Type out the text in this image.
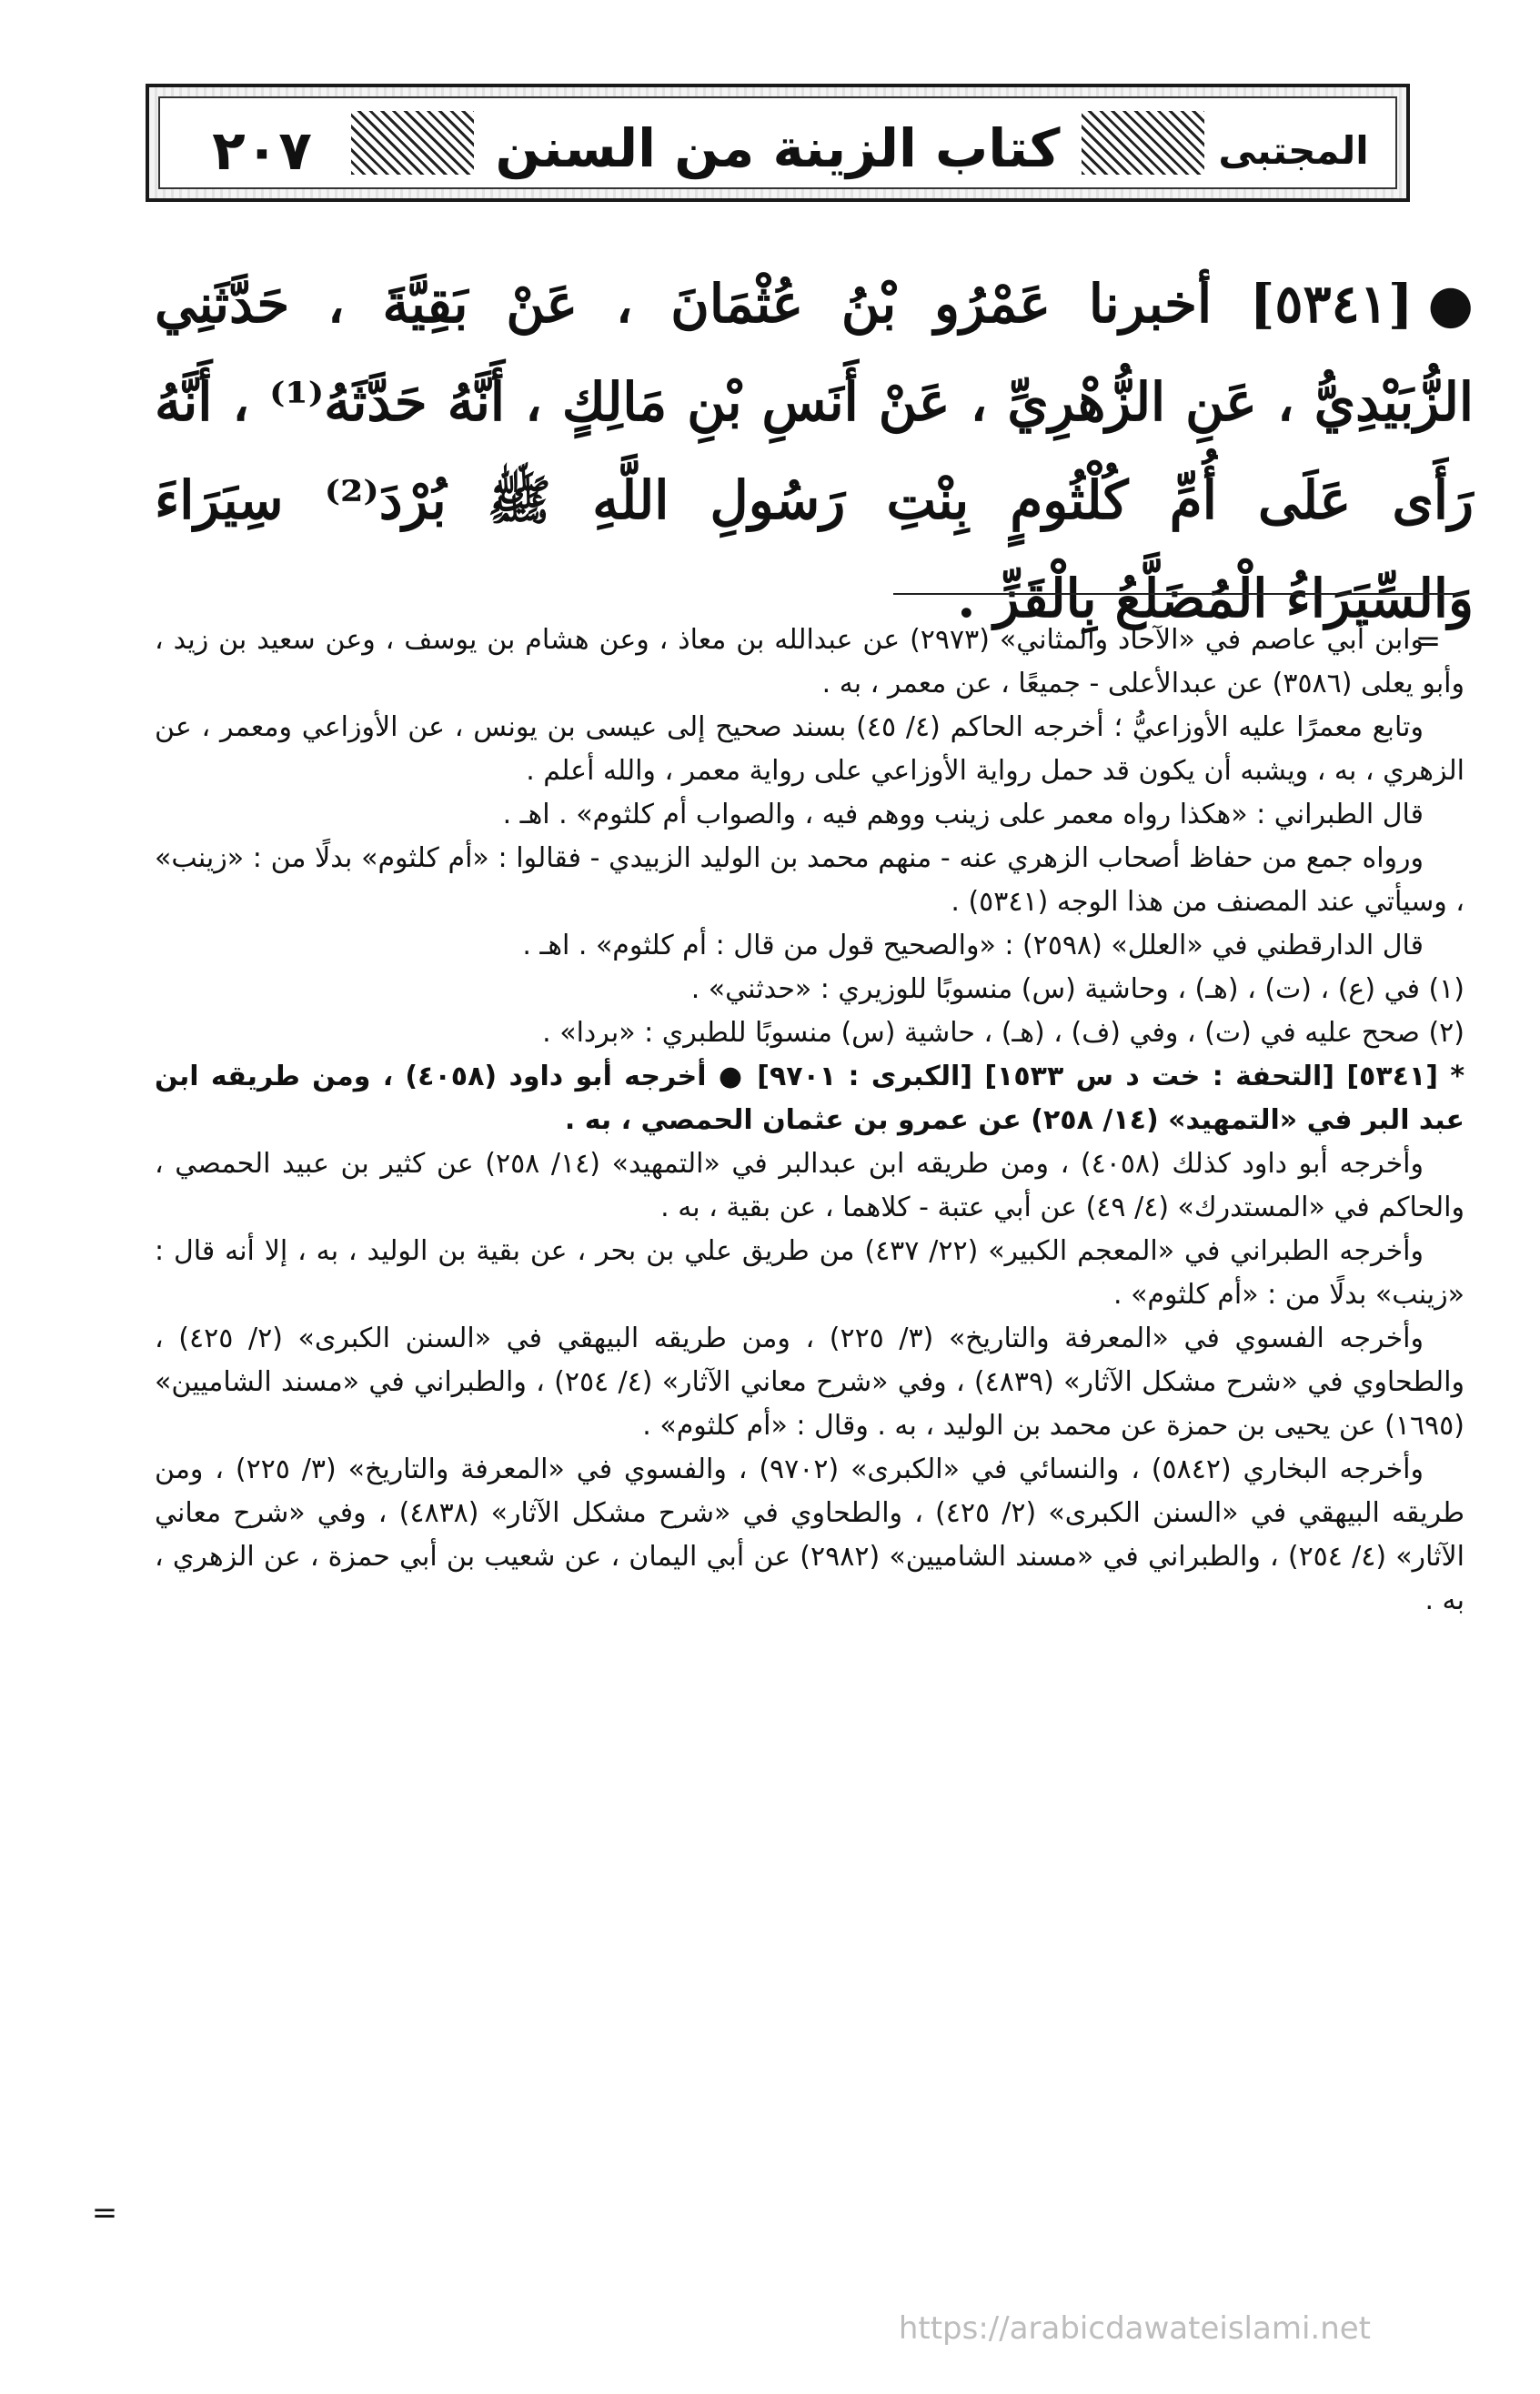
٢٠٧	كتاب الزينة من السنن	المجتبى
●[٥٣٤١] أخبرنا عَمْرُو بْنُ عُثْمَانَ ، عَنْ بَقِيَّةَ ، حَدَّثَنِي الزُّبَيْدِيُّ ، عَنِ الزُّهْرِيِّ ، عَنْ أَنَسِ بْنِ مَالِكٍ ، أَنَّهُ حَدَّثَهُ⁽¹⁾ ، أَنَّهُ رَأَى عَلَى أُمِّ كُلْثُومٍ بِنْتِ رَسُولِ اللَّهِ ﷺ بُرْدَ⁽²⁾ سِيَرَاءَ وَالسِّيَرَاءُ الْمُضَلَّعُ بِالْقَزِّ .
=

وابن أبي عاصم في «الآحاد والمثاني» (٢٩٧٣) عن عبدالله بن معاذ ، وعن هشام بن يوسف ، وعن سعيد بن زيد ، وأبو يعلى (٣٥٨٦) عن عبدالأعلى - جميعًا ، عن معمر ، به .

وتابع معمرًا عليه الأوزاعيُّ ؛ أخرجه الحاكم (٤/ ٤٥) بسند صحيح إلى عيسى بن يونس ، عن الأوزاعي ومعمر ، عن الزهري ، به ، ويشبه أن يكون قد حمل رواية الأوزاعي على رواية معمر ، والله أعلم .

قال الطبراني : «هكذا رواه معمر على زينب ووهم فيه ، والصواب أم كلثوم» . اهـ .

ورواه جمع من حفاظ أصحاب الزهري عنه - منهم محمد بن الوليد الزبيدي - فقالوا : «أم كلثوم» بدلًا من : «زينب» ، وسيأتي عند المصنف من هذا الوجه (٥٣٤١) .

قال الدارقطني في «العلل» (٢٥٩٨) : «والصحيح قول من قال : أم كلثوم» . اهـ .

(١) في (ع) ، (ت) ، (هـ) ، وحاشية (س) منسوبًا للوزيري : «حدثني» .

(٢) صحح عليه في (ت) ، وفي (ف) ، (هـ) ، حاشية (س) منسوبًا للطبري : «بردا» .

* [٥٣٤١] [التحفة : خت د س ١٥٣٣] [الكبرى : ٩٧٠١] ● أخرجه أبو داود (٤٠٥٨) ، ومن طريقه ابن عبد البر في «التمهيد» (١٤/ ٢٥٨) عن عمرو بن عثمان الحمصي ، به .

وأخرجه أبو داود كذلك (٤٠٥٨) ، ومن طريقه ابن عبدالبر في «التمهيد» (١٤/ ٢٥٨) عن كثير بن عبيد الحمصي ، والحاكم في «المستدرك» (٤/ ٤٩) عن أبي عتبة - كلاهما ، عن بقية ، به .

وأخرجه الطبراني في «المعجم الكبير» (٢٢/ ٤٣٧) من طريق علي بن بحر ، عن بقية بن الوليد ، به ، إلا أنه قال : «زينب» بدلًا من : «أم كلثوم» .

وأخرجه الفسوي في «المعرفة والتاريخ» (٣/ ٢٢٥) ، ومن طريقه البيهقي في «السنن الكبرى» (٢/ ٤٢٥) ، والطحاوي في «شرح مشكل الآثار» (٤٨٣٩) ، وفي «شرح معاني الآثار» (٤/ ٢٥٤) ، والطبراني في «مسند الشاميين» (١٦٩٥) عن يحيى بن حمزة عن محمد بن الوليد ، به . وقال : «أم كلثوم» .

وأخرجه البخاري (٥٨٤٢) ، والنسائي في «الكبرى» (٩٧٠٢) ، والفسوي في «المعرفة والتاريخ» (٣/ ٢٢٥) ، ومن طريقه البيهقي في «السنن الكبرى» (٢/ ٤٢٥) ، والطحاوي في «شرح مشكل الآثار» (٤٨٣٨) ، وفي «شرح معاني الآثار» (٤/ ٢٥٤) ، والطبراني في «مسند الشاميين» (٢٩٨٢) عن أبي اليمان ، عن شعيب بن أبي حمزة ، عن الزهري ، به .

=
https://arabicdawateislami.net
